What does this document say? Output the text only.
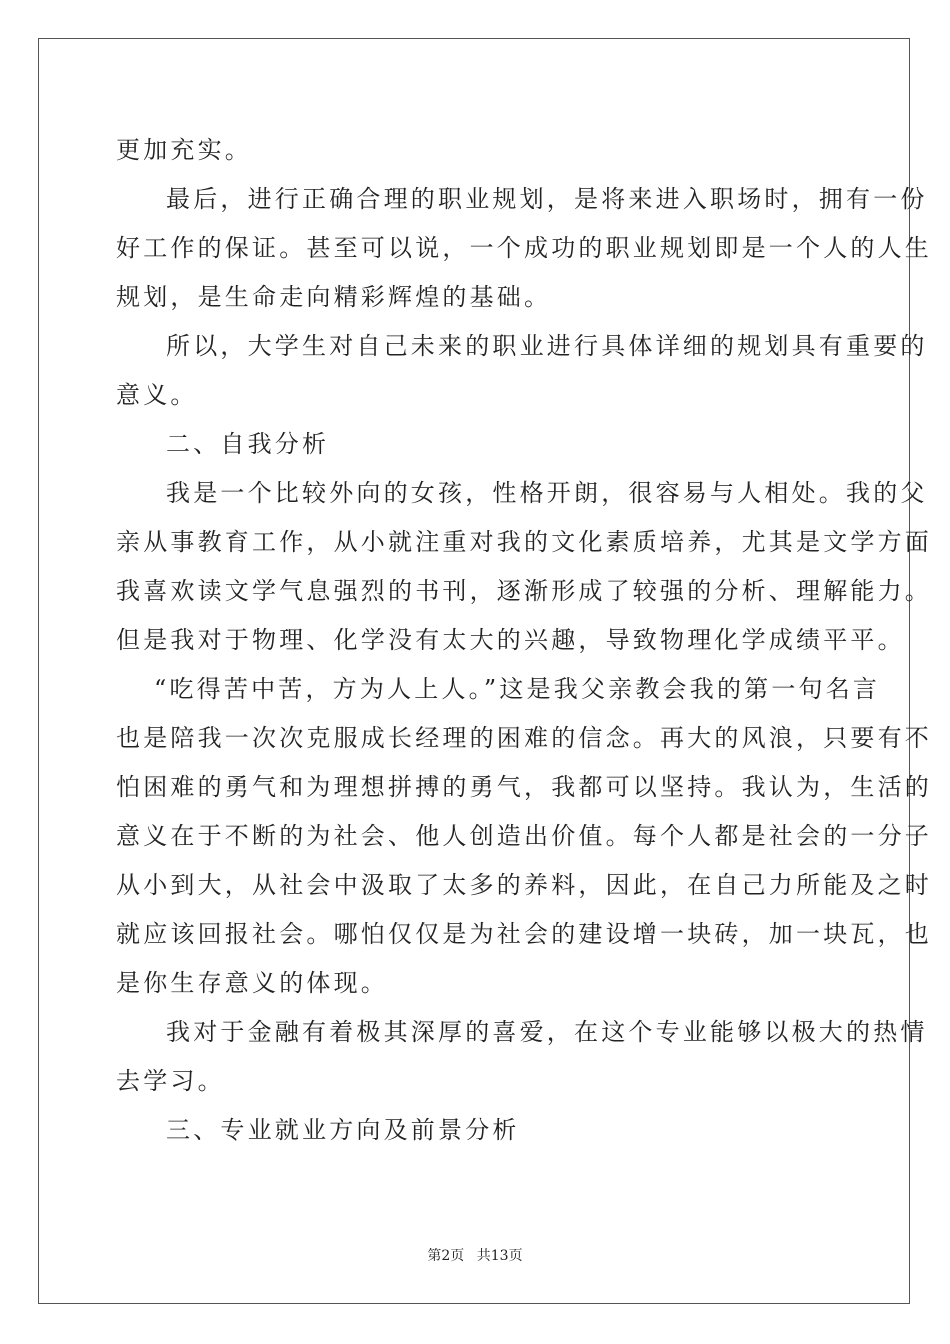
更加充实。
最后，进行正确合理的职业规划，是将来进入职场时，拥有一份
好工作的保证。甚至可以说，一个成功的职业规划即是一个人的人生
规划，是生命走向精彩辉煌的基础。
所以，大学生对自己未来的职业进行具体详细的规划具有重要的
意义。
二、自我分析
我是一个比较外向的女孩，性格开朗，很容易与人相处。我的父
亲从事教育工作，从小就注重对我的文化素质培养，尤其是文学方面
我喜欢读文学气息强烈的书刊，逐渐形成了较强的分析、理解能力。
但是我对于物理、化学没有太大的兴趣，导致物理化学成绩平平。
“吃得苦中苦，方为人上人。”这是我父亲教会我的第一句名言
也是陪我一次次克服成长经理的困难的信念。再大的风浪，只要有不
怕困难的勇气和为理想拼搏的勇气，我都可以坚持。我认为，生活的
意义在于不断的为社会、他人创造出价值。每个人都是社会的一分子
从小到大，从社会中汲取了太多的养料，因此，在自己力所能及之时
就应该回报社会。哪怕仅仅是为社会的建设增一块砖，加一块瓦，也
是你生存意义的体现。
我对于金融有着极其深厚的喜爱，在这个专业能够以极大的热情
去学习。
三、专业就业方向及前景分析
第2页 共13页
